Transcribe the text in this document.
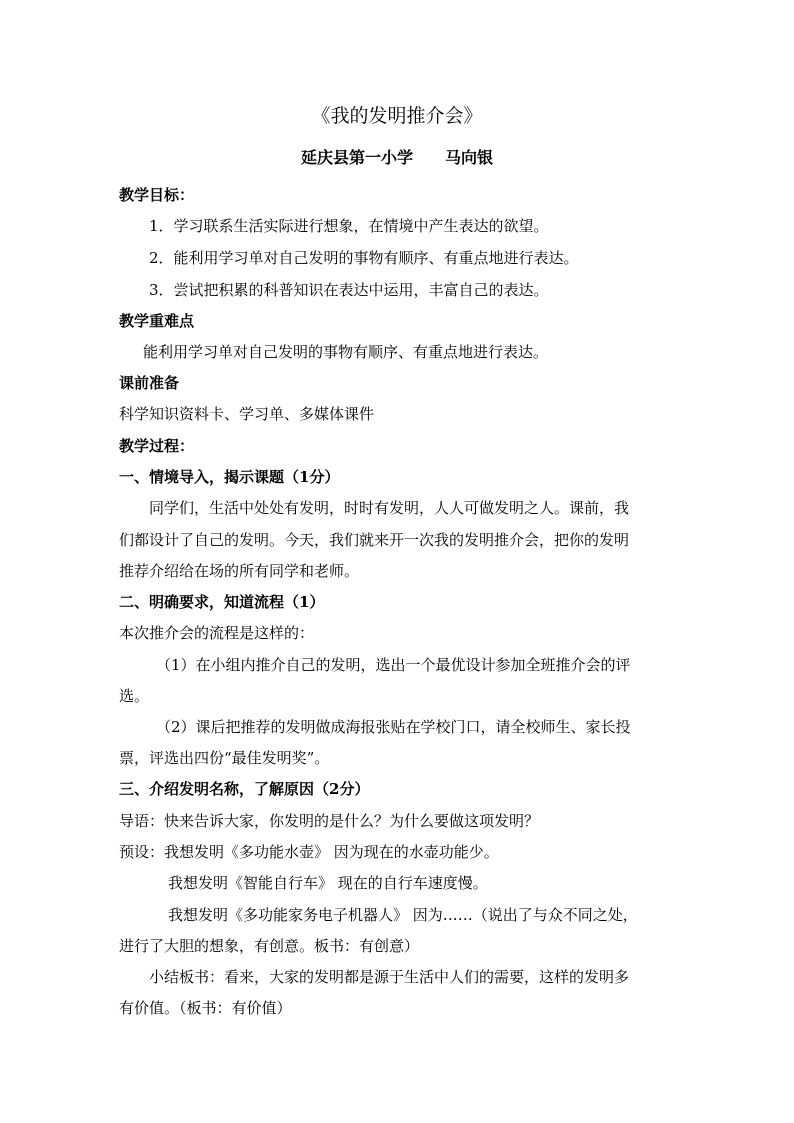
《我的发明推介会》
延庆县第一小学　　马向银
教学目标：
1．学习联系生活实际进行想象，在情境中产生表达的欲望。
2．能利用学习单对自己发明的事物有顺序、有重点地进行表达。
3．尝试把积累的科普知识在表达中运用，丰富自己的表达。
教学重难点
能利用学习单对自己发明的事物有顺序、有重点地进行表达。
课前准备
科学知识资料卡、学习单、多媒体课件
教学过程：
一、情境导入，揭示课题（1分）
同学们，生活中处处有发明，时时有发明，人人可做发明之人。课前，我
们都设计了自己的发明。今天，我们就来开一次我的发明推介会，把你的发明
推荐介绍给在场的所有同学和老师。
二、明确要求，知道流程（1）
本次推介会的流程是这样的：
（1）在小组内推介自己的发明，选出一个最优设计参加全班推介会的评
选。
（2）课后把推荐的发明做成海报张贴在学校门口，请全校师生、家长投
票，评选出四份“最佳发明奖”。
三、介绍发明名称，了解原因（2分）
导语：快来告诉大家，你发明的是什么？为什么要做这项发明？
预设：我想发明《多功能水壶》 因为现在的水壶功能少。
我想发明《智能自行车》 现在的自行车速度慢。
我想发明《多功能家务电子机器人》 因为……（说出了与众不同之处，
进行了大胆的想象，有创意。板书：有创意）
小结板书：看来，大家的发明都是源于生活中人们的需要，这样的发明多
有价值。（板书：有价值）
